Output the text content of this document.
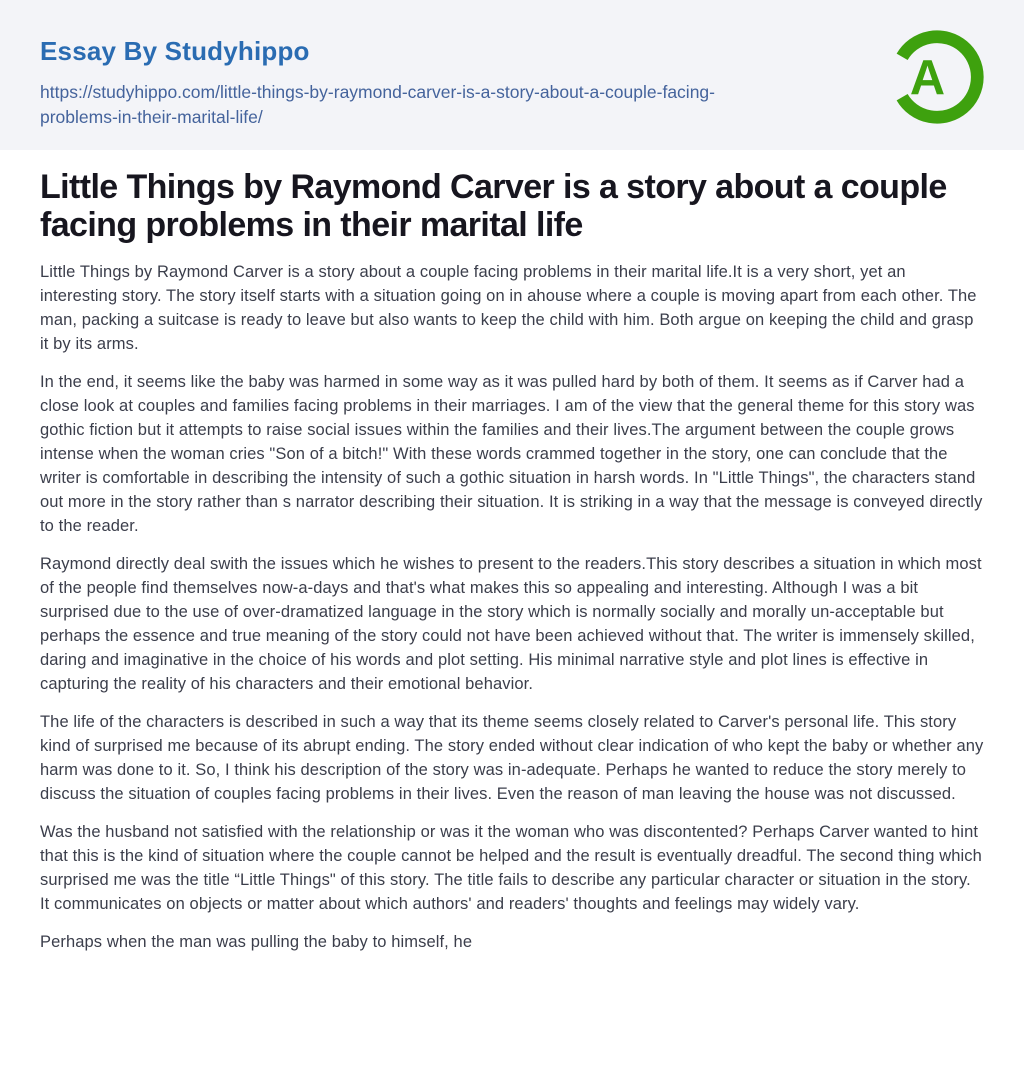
Essay By Studyhippo
https://studyhippo.com/little-things-by-raymond-carver-is-a-story-about-a-couple-facing-
problems-in-their-marital-life/
A
Little Things by Raymond Carver is a story about a couple facing problems in their marital life

Little Things by Raymond Carver is a story about a couple facing problems in their marital life.It is a very short, yet an interesting story. The story itself starts with a situation going on in ahouse where a couple is moving apart from each other. The man, packing a suitcase is ready to leave but also wants to keep the child with him. Both argue on keeping the child and grasp it by its arms.

In the end, it seems like the baby was harmed in some way as it was pulled hard by both of them. It seems as if Carver had a close look at couples and families facing problems in their marriages. I am of the view that the general theme for this story was gothic fiction but it attempts to raise social issues within the families and their lives.The argument between the couple grows intense when the woman cries "Son of a bitch!" With these words crammed together in the story, one can conclude that the writer is comfortable in describing the intensity of such a gothic situation in harsh words. In "Little Things", the characters stand out more in the story rather than s narrator describing their situation. It is striking in a way that the message is conveyed directly to the reader.

Raymond directly deal swith the issues which he wishes to present to the readers.This story describes a situation in which most of the people find themselves now-a-days and that's what makes this so appealing and interesting. Although I was a bit surprised due to the use of over-dramatized language in the story which is normally socially and morally un-acceptable but perhaps the essence and true meaning of the story could not have been achieved without that. The writer is immensely skilled, daring and imaginative in the choice of his words and plot setting. His minimal narrative style and plot lines is effective in capturing the reality of his characters and their emotional behavior.

The life of the characters is described in such a way that its theme seems closely related to Carver's personal life. This story kind of surprised me because of its abrupt ending. The story ended without clear indication of who kept the baby or whether any harm was done to it. So, I think his description of the story was in-adequate. Perhaps he wanted to reduce the story merely to discuss the situation of couples facing problems in their lives. Even the reason of man leaving the house was not discussed.

Was the husband not satisfied with the relationship or was it the woman who was discontented? Perhaps Carver wanted to hint that this is the kind of situation where the couple cannot be helped and the result is eventually dreadful. The second thing which surprised me was the title “Little Things" of this story. The title fails to describe any particular character or situation in the story. It communicates on objects or matter about which authors' and readers' thoughts and feelings may widely vary.

Perhaps when the man was pulling the baby to himself, he
